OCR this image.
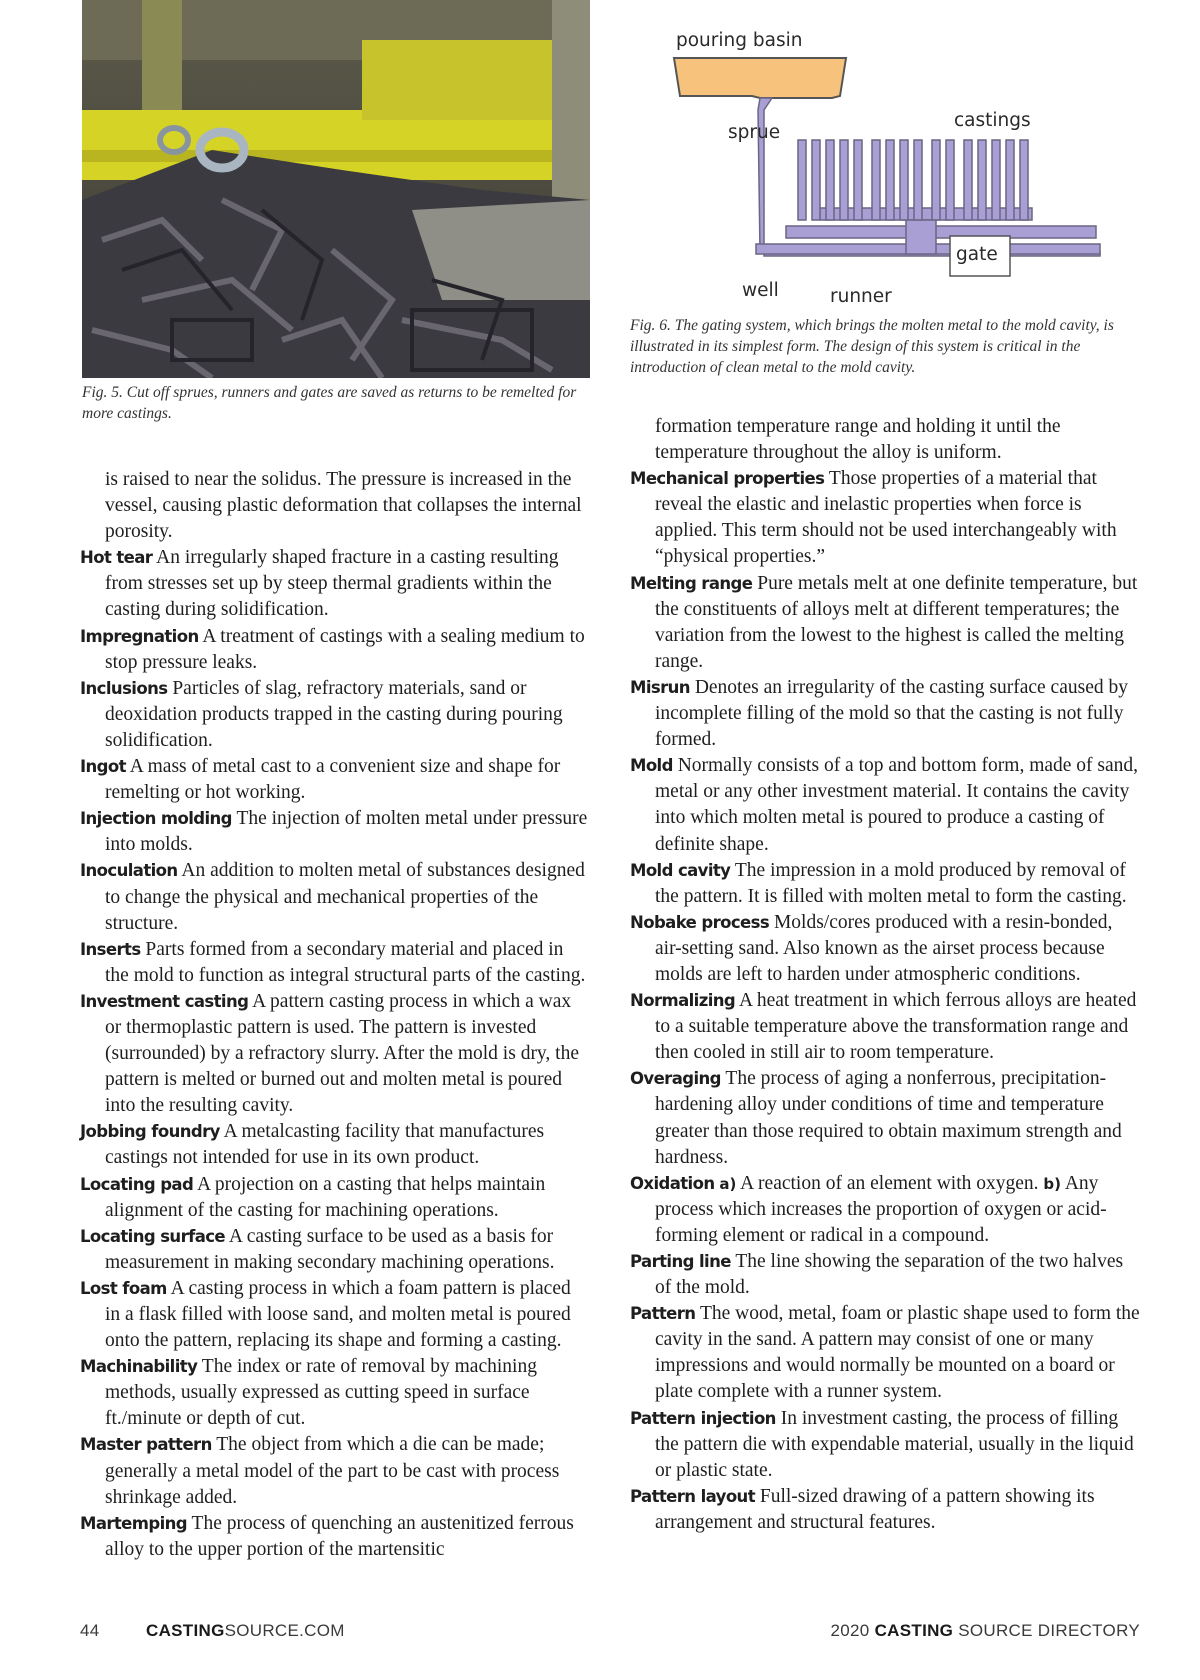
Fig. 5. Cut off sprues, runners and gates are saved as returns to be remelted for more castings.
pouring basin
sprue
castings
gate
well	runner
Fig. 6. The gating system, which brings the molten metal to the mold cavity, is illustrated in its simplest form. The design of this system is critical in the introduction of clean metal to the mold cavity.

is raised to near the solidus. The pressure is increased in the vessel, causing plastic deformation that collapses the internal porosity.

Hot tear An irregularly shaped fracture in a casting resulting from stresses set up by steep thermal gradients within the casting during solidification.

Impregnation A treatment of castings with a sealing medium to stop pressure leaks.

Inclusions Particles of slag, refractory materials, sand or deoxidation products trapped in the casting during pouring solidification.

Ingot A mass of metal cast to a convenient size and shape for remelting or hot working.

Injection molding The injection of molten metal under pressure into molds.

Inoculation An addition to molten metal of substances designed to change the physical and mechanical properties of the structure.

Inserts Parts formed from a secondary material and placed in the mold to function as integral structural parts of the casting.

Investment casting A pattern casting process in which a wax or thermoplastic pattern is used. The pattern is invested (surrounded) by a refractory slurry. After the mold is dry, the pattern is melted or burned out and molten metal is poured into the resulting cavity.

Jobbing foundry A metalcasting facility that manufactures castings not intended for use in its own product.

Locating pad A projection on a casting that helps maintain alignment of the casting for machining operations.

Locating surface A casting surface to be used as a basis for measurement in making secondary machining operations.

Lost foam A casting process in which a foam pattern is placed in a flask filled with loose sand, and molten metal is poured onto the pattern, replacing its shape and forming a casting.

Machinability The index or rate of removal by machining methods, usually expressed as cutting speed in surface ft./minute or depth of cut.

Master pattern The object from which a die can be made; generally a metal model of the part to be cast with process shrinkage added.

Martemping The process of quenching an austenitized ferrous alloy to the upper portion of the martensitic

formation temperature range and holding it until the temperature throughout the alloy is uniform.

Mechanical properties Those properties of a material that reveal the elastic and inelastic properties when force is applied. This term should not be used interchangeably with “physical properties.”

Melting range Pure metals melt at one definite temperature, but the constituents of alloys melt at different temperatures; the variation from the lowest to the highest is called the melting range.

Misrun Denotes an irregularity of the casting surface caused by incomplete filling of the mold so that the casting is not fully formed.

Mold Normally consists of a top and bottom form, made of sand, metal or any other investment material. It contains the cavity into which molten metal is poured to produce a casting of definite shape.

Mold cavity The impression in a mold produced by removal of the pattern. It is filled with molten metal to form the casting.

Nobake process Molds/cores produced with a resin-bonded, air-setting sand. Also known as the airset process because molds are left to harden under atmospheric conditions.

Normalizing A heat treatment in which ferrous alloys are heated to a suitable temperature above the transformation range and then cooled in still air to room temperature.

Overaging The process of aging a nonferrous, precipitation-hardening alloy under conditions of time and temperature greater than those required to obtain maximum strength and hardness.

Oxidation a) A reaction of an element with oxygen. b) Any process which increases the proportion of oxygen or acid-forming element or radical in a compound.

Parting line The line showing the separation of the two halves of the mold.

Pattern The wood, metal, foam or plastic shape used to form the cavity in the sand. A pattern may consist of one or many impressions and would normally be mounted on a board or plate complete with a runner system.

Pattern injection In investment casting, the process of filling the pattern die with expendable material, usually in the liquid or plastic state.

Pattern layout Full-sized drawing of a pattern showing its arrangement and structural features.

44	CASTINGSOURCE.COM	2020 CASTING SOURCE DIRECTORY
